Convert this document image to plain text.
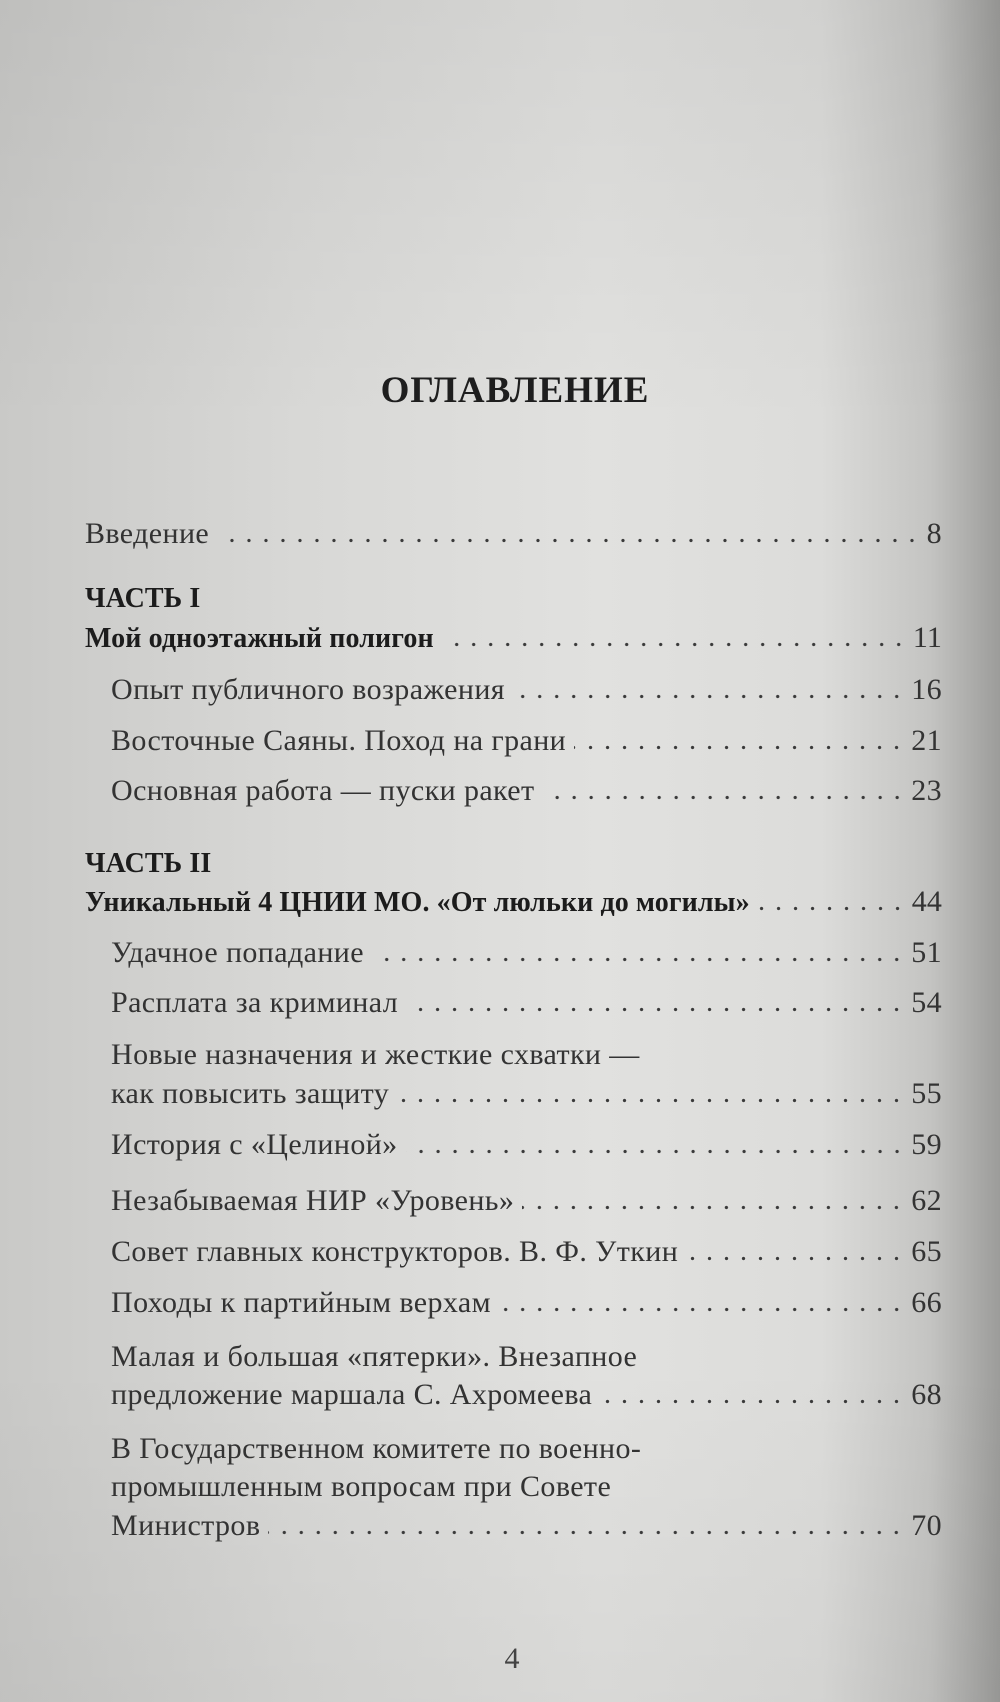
ОГЛАВЛЕНИЕ
Введение	8
ЧАСТЬ I
Мой одноэтажный полигон	11
Опыт публичного возражения	16
Восточные Саяны. Поход на грани	21
Основная работа — пуски ракет	23
ЧАСТЬ II
Уникальный 4 ЦНИИ МО. «От люльки до могилы»	44
Удачное попадание	51
Расплата за криминал	54
Новые назначения и жесткие схватки —
как повысить защиту	55
История с «Целиной»	59
Незабываемая НИР «Уровень»	62
Совет главных конструкторов. В. Ф. Уткин	65
Походы к партийным верхам	66
Малая и большая «пятерки». Внезапное
предложение маршала С. Ахромеева	68
В Государственном комитете по военно-
промышленным вопросам при Совете
Министров	70
4
